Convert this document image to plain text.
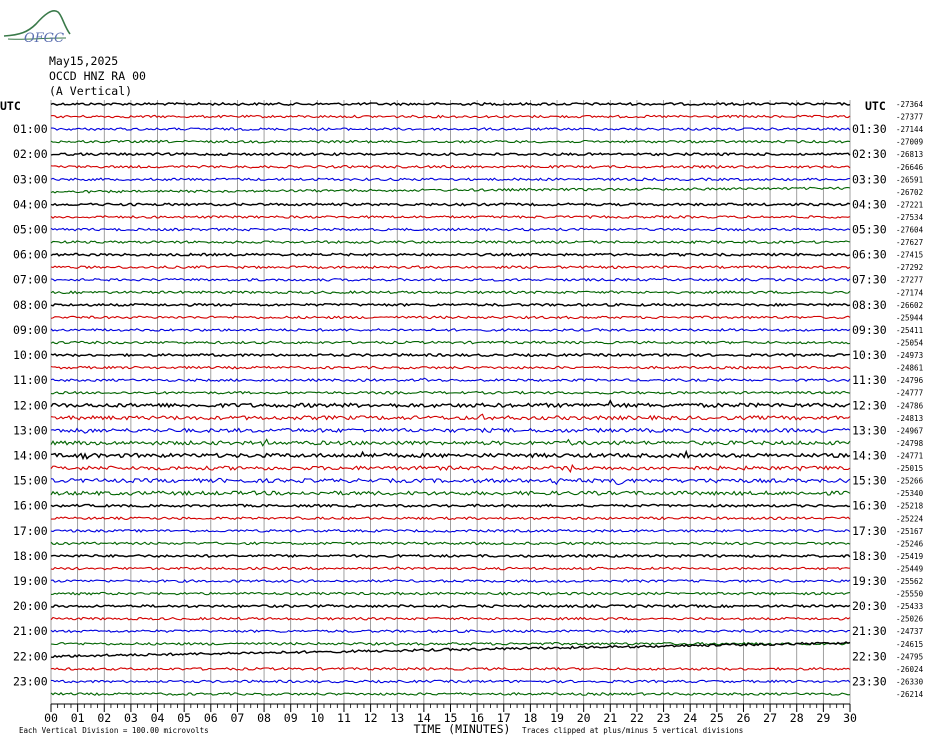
OFGC
May15,2025
OCCD HNZ RA 00
(A Vertical)
UTC	UTC
01:00
02:00
03:00
04:00
05:00
06:00
07:00
08:00
09:00
10:00
11:00
12:00
13:00
14:00
15:00
16:00
17:00
18:00
19:00
20:00
21:00
22:00
23:00
01:30
02:30
03:30
04:30
05:30
06:30
07:30
08:30
09:30
10:30
11:30
12:30
13:30
14:30
15:30
16:30
17:30
18:30
19:30
20:30
21:30
22:30
23:30
-27364
-27377
-27144
-27009
-26813
-26646
-26591
-26702
-27221
-27534
-27604
-27627
-27415
-27292
-27277
-27174
-26602
-25944
-25411
-25054
-24973
-24861
-24796
-24777
-24786
-24813
-24967
-24798
-24771
-25015
-25266
-25340
-25218
-25224
-25167
-25246
-25419
-25449
-25562
-25550
-25433
-25026
-24737
-24615
-24795
-26024
-26330
-26214
00 01 02 03 04 05 06 07 08 09 10 11 12 13 14 15 16 17 18 19 20 21 22 23 24 25 26 27 28 29 30
TIME (MINUTES)
Each Vertical Division = 100.00 microvolts	Traces clipped at plus/minus 5 vertical divisions
